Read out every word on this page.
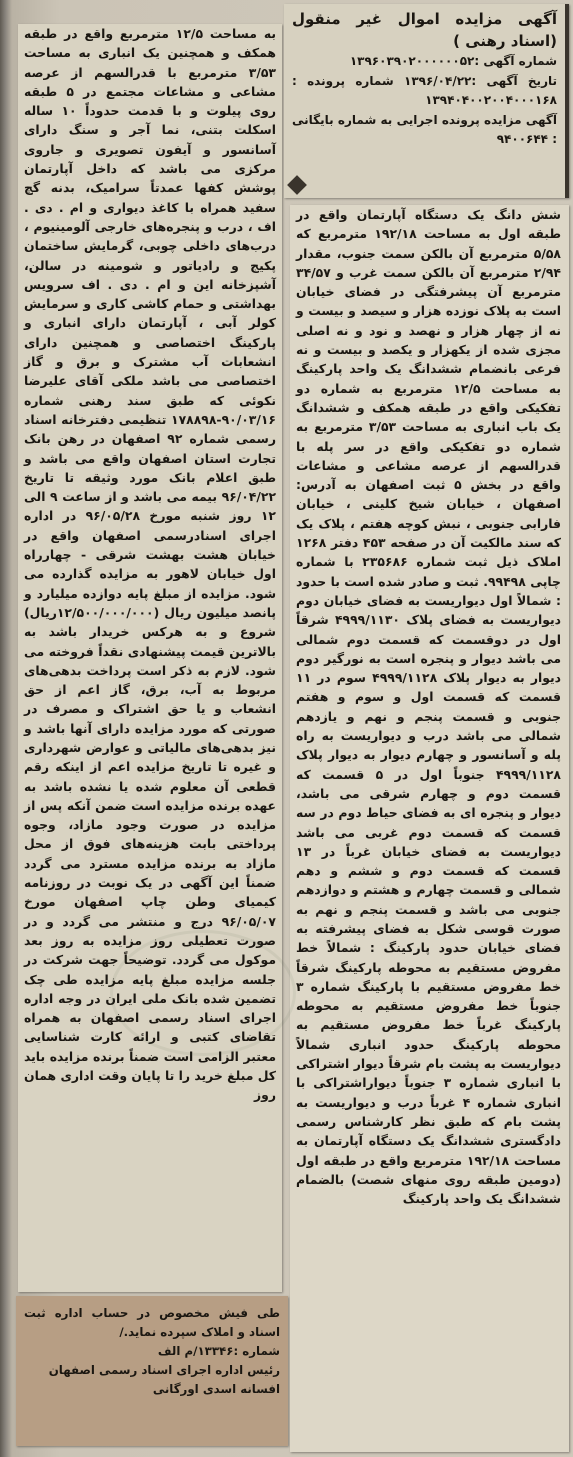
به مساحت ۱۲/۵ مترمربع واقع در طبقه همکف و همچنین یک انباری به مساحت ۳/۵۳ مترمربع با قدرالسهم از عرصه مشاعی و مشاعات مجتمع در ۵ طبقه روی پیلوت و با قدمت حدوداً ۱۰ ساله اسکلت بتنی، نما آجر و سنگ دارای آسانسور و آیفون تصویری و جاروی مرکزی می باشد که داخل آپارتمان پوشش کفها عمدتاً سرامیک، بدنه گچ سفید همراه با کاغذ دیواری و ام . دی . اف ، درب و پنجره‌های خارجی آلومینیوم ، درب‌های داخلی چوبی، گرمایش ساختمان پکیج و رادیاتور و شومینه در سالن، آشپزخانه این و ام . دی . اف سرویس بهداشتی و حمام کاشی کاری و سرمایش کولر آبی ، آپارتمان دارای انباری و پارکینگ اختصاصی و همچنین دارای انشعابات آب مشترک و برق و گاز اختصاصی می باشد ملکی آقای علیرضا نکوئی که طبق سند رهنی شماره ۹۰/۰۳/۱۶-۱۷۸۸۹۸ تنظیمی دفترخانه اسناد رسمی شماره ۹۲ اصفهان در رهن بانک تجارت استان اصفهان واقع می باشد و طبق اعلام بانک مورد وثیقه تا تاریخ ۹۶/۰۴/۲۲ بیمه می باشد و از ساعت ۹ الی ۱۲ روز شنبه مورخ ۹۶/۰۵/۲۸ در اداره اجرای اسنادرسمی اصفهان واقع در خیابان هشت بهشت شرقی - چهارراه اول خیابان لاهور به مزایده گذارده می شود. مزایده از مبلغ پایه دوازده میلیارد و پانصد میلیون ریال (۱۲/۵۰۰/۰۰۰/۰۰۰ریال) شروع و به هرکس خریدار باشد به بالاترین قیمت پیشنهادی نقداً فروخته می شود. لازم به ذکر است پرداخت بدهی‌های مربوط به آب، برق، گاز اعم از حق انشعاب و یا حق اشتراک و مصرف در صورتی که مورد مزایده دارای آنها باشد و نیز بدهی‌های مالیاتی و عوارض شهرداری و غیره تا تاریخ مزایده اعم از اینکه رقم قطعی آن معلوم شده یا نشده باشد به عهده برنده مزایده است ضمن آنکه پس از مزایده در صورت وجود مازاد، وجوه پرداختی بابت هزینه‌های فوق از محل مازاد به برنده مزایده مسترد می گردد ضمناً این آگهی در یک نوبت در روزنامه کیمیای وطن چاپ اصفهان مورخ ۹۶/۰۵/۰۷ درج و منتشر می گردد و در صورت تعطیلی روز مزایده به روز بعد موکول می گردد. توضیحاً جهت شرکت در جلسه مزایده مبلغ پایه مزایده طی چک تضمین شده بانک ملی ایران در وجه اداره اجرای اسناد رسمی اصفهان به همراه تقاضای کتبی و ارائه کارت شناسایی معتبر الزامی است ضمناً برنده مزایده باید کل مبلغ خرید را تا پایان وقت اداری همان روز

طی فیش مخصوص در حساب اداره ثبت اسناد و املاک سپرده نماید./

شماره :۱۳۳۴۶/م الف

رئیس اداره اجرای اسناد رسمی اصفهان

افسانه اسدی اورگانی

آگهی مزایده اموال غیر منقول (اسناد رهنی )

شماره آگهی :۱۳۹۶۰۳۹۰۲۰۰۰۰۰۰۵۲

تاریخ آگهی :۱۳۹۶/۰۴/۲۲ شماره پرونده : ۱۳۹۴۰۴۰۰۲۰۰۴۰۰۰۱۶۸

آگهی مزایده پرونده اجرایی به شماره بایگانی : ۹۴۰۰۶۴۴

شش دانگ یک دستگاه آپارتمان واقع در طبقه اول به مساحت ۱۹۲/۱۸ مترمربع که ۵/۵۸ مترمربع آن بالکن سمت جنوب، مقدار ۲/۹۴ مترمربع آن بالکن سمت غرب و ۳۴/۵۷ مترمربع آن پیشرفتگی در فضای خیابان است به پلاک نوزده هزار و سیصد و بیست و نه از چهار هزار و نهصد و نود و نه اصلی مجزی شده از یکهزار و یکصد و بیست و نه فرعی بانضمام ششدانگ یک واحد پارکینگ به مساحت ۱۲/۵ مترمربع به شماره دو تفکیکی واقع در طبقه همکف و ششدانگ یک باب انباری به مساحت ۳/۵۳ مترمربع به شماره دو تفکیکی واقع در سر پله با قدرالسهم از عرصه مشاعی و مشاعات واقع در بخش ۵ ثبت اصفهان به آدرس: اصفهان ، خیابان شیخ کلینی ، خیابان فارابی جنوبی ، نبش کوچه هفتم ، پلاک یک که سند مالکیت آن در صفحه ۴۵۳ دفتر ۱۲۶۸ املاک ذیل ثبت شماره ۲۳۵۶۸۶ با شماره چاپی ۹۹۴۹۸. ثبت و صادر شده است با حدود : شمالاً اول دیواریست به فضای خیابان دوم دیواریست به فضای پلاک ۴۹۹۹/۱۱۳۰ شرقاً اول در دوقسمت که قسمت دوم شمالی می باشد دیوار و پنجره است به نورگیر دوم دیوار به دیوار پلاک ۴۹۹۹/۱۱۲۸ سوم در ۱۱ قسمت که قسمت اول و سوم و هفتم جنوبی و قسمت پنجم و نهم و یازدهم شمالی می باشد درب و دیواریست به راه پله و آسانسور و چهارم دیوار به دیوار پلاک ۴۹۹۹/۱۱۲۸ جنوباً اول در ۵ قسمت که قسمت دوم و چهارم شرقی می باشد، دیوار و پنجره ای به فضای حیاط دوم در سه قسمت که قسمت دوم غربی می باشد دیواریست به فضای خیابان غرباً در ۱۳ قسمت که قسمت دوم و ششم و دهم شمالی و قسمت چهارم و هشتم و دوازدهم جنوبی می باشد و قسمت پنجم و نهم به صورت قوسی شکل به فضای پیشرفته به فضای خیابان حدود پارکینگ : شمالاً خط مفروض مستقیم به محوطه پارکینگ شرقاً خط مفروض مستقیم با پارکینگ شماره ۳ جنوباً خط مفروض مستقیم به محوطه پارکینگ غرباً خط مفروض مستقیم به محوطه پارکینگ حدود انباری شمالاً دیواریست به پشت بام شرقاً دیوار اشتراکی با انباری شماره ۳ جنوباً دیواراشتراکی با انباری شماره ۴ غرباً درب و دیواریست به پشت بام که طبق نظر کارشناس رسمی دادگستری ششدانگ یک دستگاه آپارتمان به مساحت ۱۹۲/۱۸ مترمربع واقع در طبقه اول (دومین طبقه روی منهای شصت) بالضمام ششدانگ یک واحد پارکینگ
